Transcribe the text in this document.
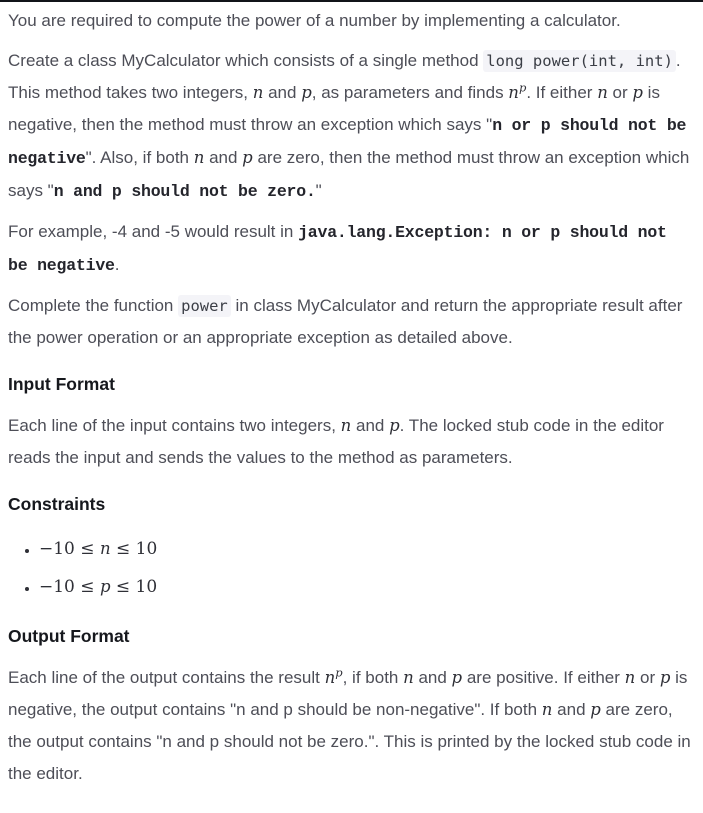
You are required to compute the power of a number by implementing a calculator.

Create a class MyCalculator which consists of a single method long power(int, int) . This method takes two integers, n and p, as parameters and finds $n^p$. If either n or p is negative, then the method must throw an exception which says "n or p should not be negative". Also, if both n and p are zero, then the method must throw an exception which says "n and p should not be zero."

For example, -4 and -5 would result in java.lang.Exception: n or p should not be negative.

Complete the function power in class MyCalculator and return the appropriate result after the power operation or an appropriate exception as detailed above.

Input Format

Each line of the input contains two integers, n and p. The locked stub code in the editor reads the input and sends the values to the method as parameters.

Constraints
• −10 ≤ n ≤ 10
• −10 ≤ p ≤ 10
Output Format

Each line of the output contains the result $n^p$, if both n and p are positive. If either n or p is negative, the output contains "n and p should be non-negative". If both n and p are zero, the output contains "n and p should not be zero.". This is printed by the locked stub code in the editor.
